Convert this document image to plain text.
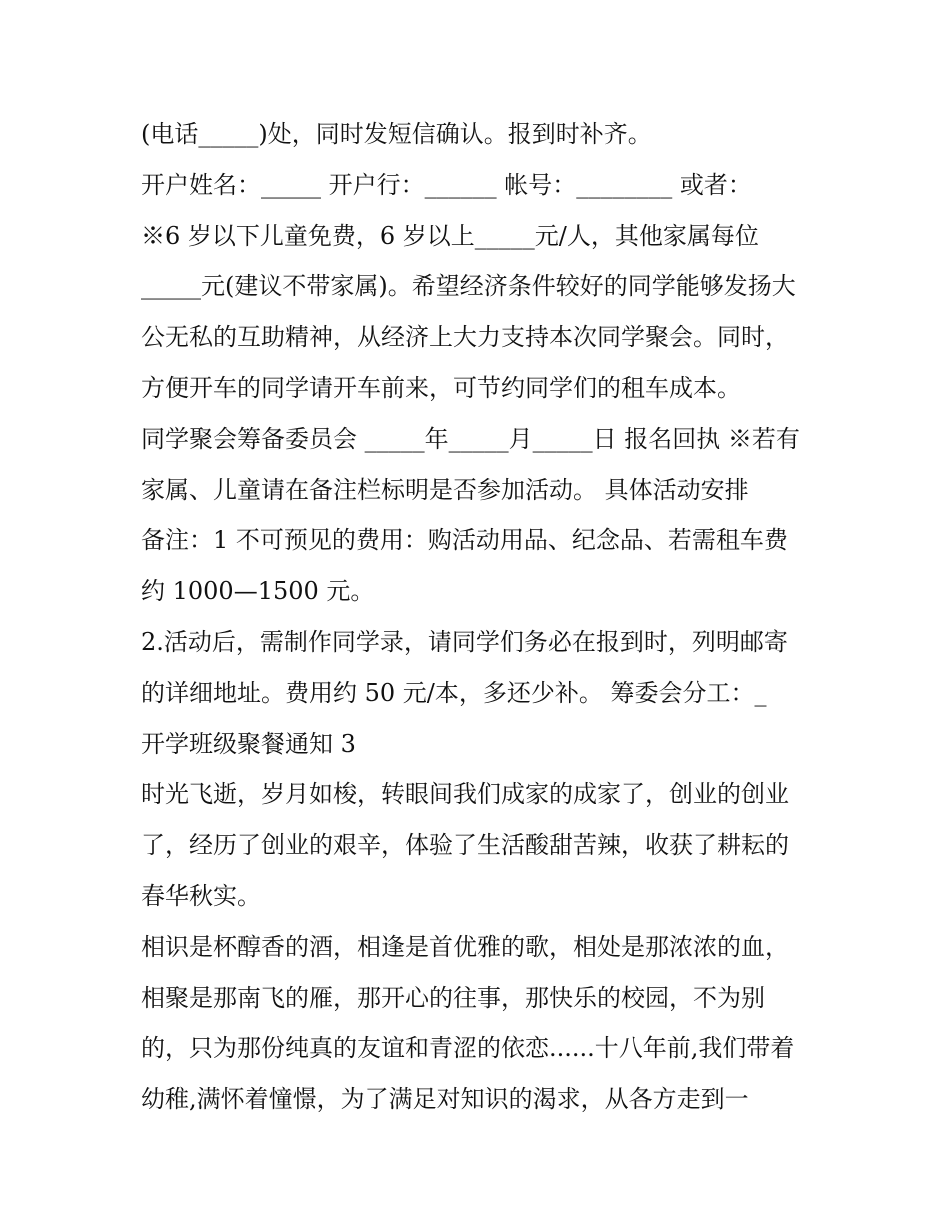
(电话_____)处，同时发短信确认。报到时补齐。
开户姓名：_____ 开户行：______ 帐号：________ 或者：
※6 岁以下儿童免费，6 岁以上_____元/人，其他家属每位
_____元(建议不带家属)。希望经济条件较好的同学能够发扬大
公无私的互助精神，从经济上大力支持本次同学聚会。同时，
方便开车的同学请开车前来，可节约同学们的租车成本。
同学聚会筹备委员会 _____年_____月_____日 报名回执 ※若有
家属、儿童请在备注栏标明是否参加活动。 具体活动安排
备注：1 不可预见的费用：购活动用品、纪念品、若需租车费
约 1000—1500 元。
2.活动后，需制作同学录，请同学们务必在报到时，列明邮寄
的详细地址。费用约 50 元/本，多还少补。 筹委会分工：_
开学班级聚餐通知 3
时光飞逝，岁月如梭，转眼间我们成家的成家了，创业的创业
了，经历了创业的艰辛，体验了生活酸甜苦辣，收获了耕耘的
春华秋实。
相识是杯醇香的酒，相逢是首优雅的歌，相处是那浓浓的血，
相聚是那南飞的雁，那开心的往事，那快乐的校园，不为别
的，只为那份纯真的友谊和青涩的依恋......十八年前,我们带着
幼稚,满怀着憧憬，为了满足对知识的渴求，从各方走到一
